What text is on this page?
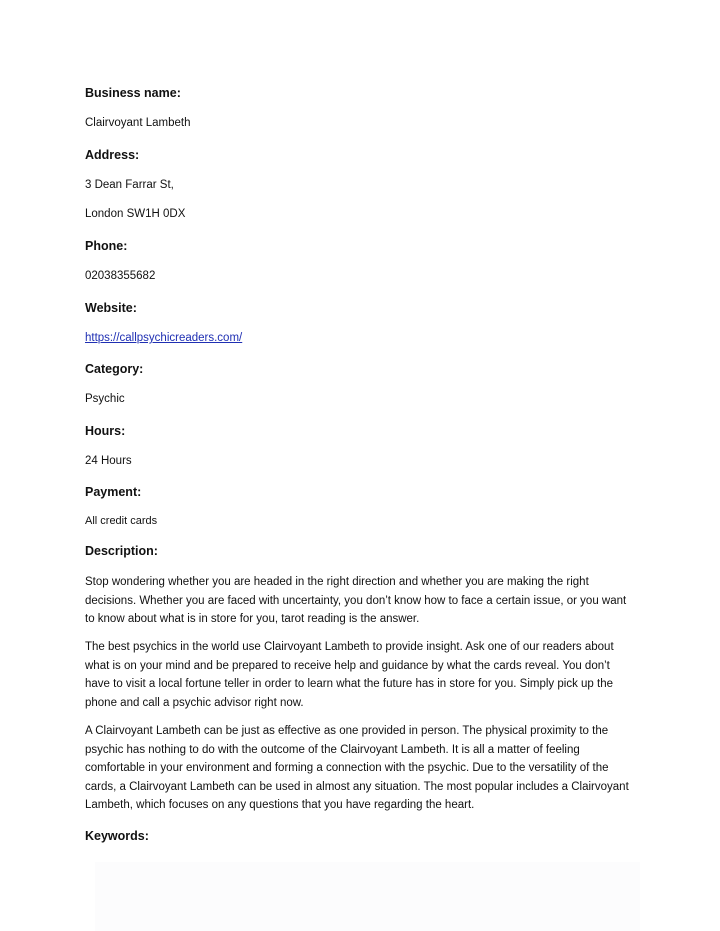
Business name:

Clairvoyant Lambeth

Address:

3 Dean Farrar St,

London SW1H 0DX

Phone:

02038355682

Website:

https://callpsychicreaders.com/

Category:

Psychic

Hours:

24 Hours

Payment:

All credit cards

Description:

Stop wondering whether you are headed in the right direction and whether you are making the right decisions. Whether you are faced with uncertainty, you don’t know how to face a certain issue, or you want to know about what is in store for you, tarot reading is the answer.

The best psychics in the world use Clairvoyant Lambeth to provide insight. Ask one of our readers about what is on your mind and be prepared to receive help and guidance by what the cards reveal. You don’t have to visit a local fortune teller in order to learn what the future has in store for you. Simply pick up the phone and call a psychic advisor right now.

A Clairvoyant Lambeth can be just as effective as one provided in person. The physical proximity to the psychic has nothing to do with the outcome of the Clairvoyant Lambeth. It is all a matter of feeling comfortable in your environment and forming a connection with the psychic. Due to the versatility of the cards, a Clairvoyant Lambeth can be used in almost any situation. The most popular includes a Clairvoyant Lambeth, which focuses on any questions that you have regarding the heart.

Keywords:
